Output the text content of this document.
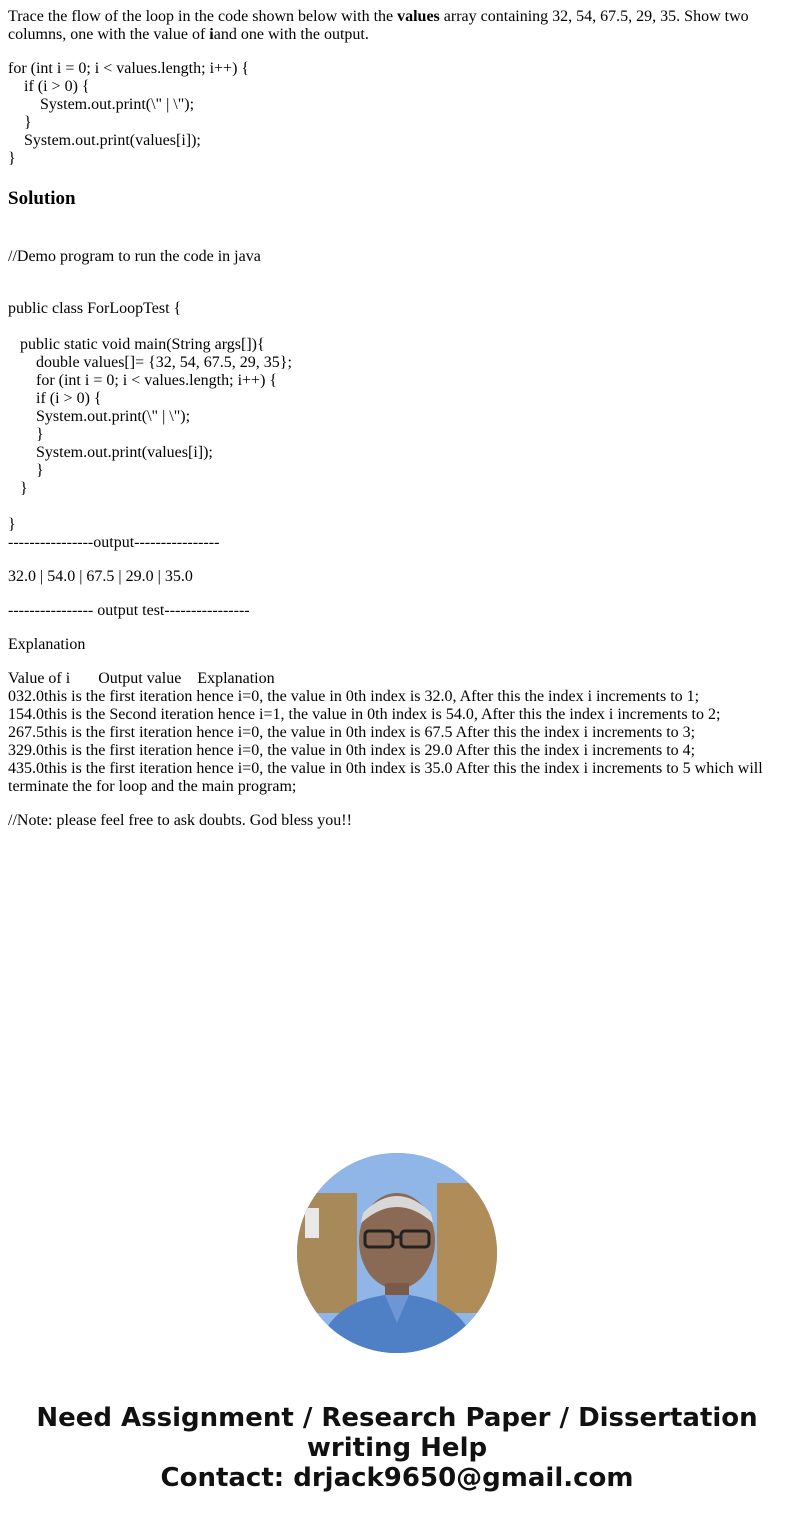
Trace the flow of the loop in the code shown below with the values array containing 32, 54, 67.5, 29, 35. Show two columns, one with the value of iand one with the output.

for (int i = 0; i < values.length; i++) {
if (i > 0) {
System.out.print(\" | \");
}
System.out.print(values[i]);
}
Solution
//Demo program to run the code in java
public class ForLoopTest {

public static void main(String args[]){
double values[]= {32, 54, 67.5, 29, 35};
for (int i = 0; i < values.length; i++) {
if (i > 0) {
System.out.print(\" | \");
}
System.out.print(values[i]);
}
}

}
----------------output----------------
32.0 | 54.0 | 67.5 | 29.0 | 35.0
---------------- output test----------------
Explanation
Value of i       Output value    Explanation
032.0this is the first iteration hence i=0, the value in 0th index is 32.0, After this the index i increments to 1;
154.0this is the Second iteration hence i=1, the value in 0th index is 54.0, After this the index i increments to 2;
267.5this is the first iteration hence i=0, the value in 0th index is 67.5 After this the index i increments to 3;
329.0this is the first iteration hence i=0, the value in 0th index is 29.0 After this the index i increments to 4;
435.0this is the first iteration hence i=0, the value in 0th index is 35.0 After this the index i increments to 5 which will terminate the for loop and the main program;
//Note: please feel free to ask doubts. God bless you!!
Need Assignment / Research Paper / Dissertation
writing Help
Contact: drjack9650@gmail.com
